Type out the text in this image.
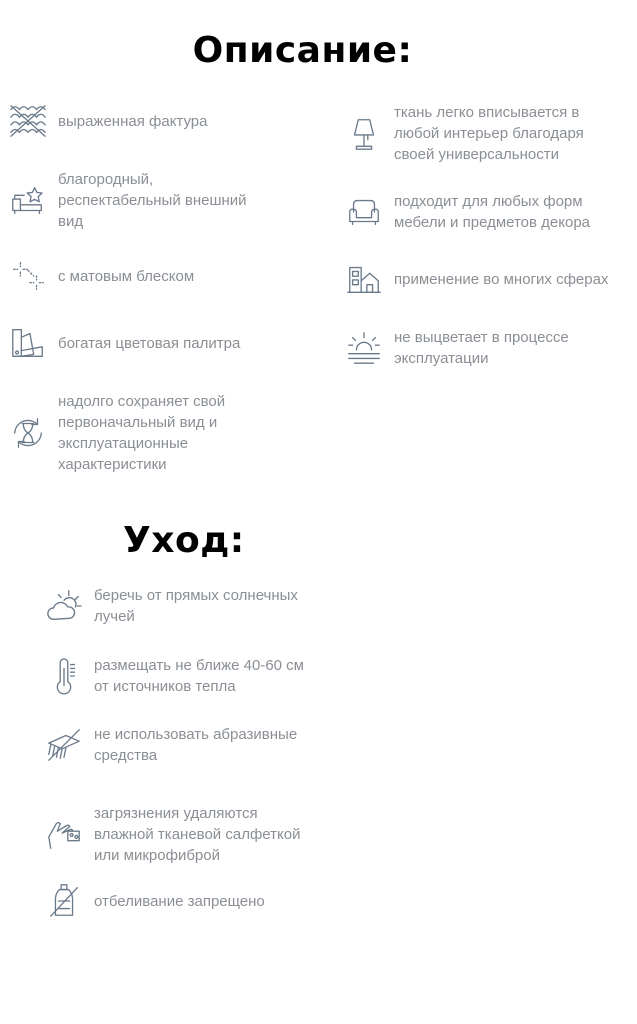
Описание:
выраженная фактура
благородный,
респектабельный внешний
вид
с матовым блеском
богатая цветовая палитра
надолго сохраняет свой
первоначальный вид и
эксплуатационные
характеристики
ткань легко вписывается в
любой интерьер благодаря
своей универсальности
подходит для любых форм
мебели и предметов декора
применение во многих сферах
не выцветает в процессе
эксплуатации
Уход:
беречь от прямых солнечных
лучей
размещать не ближе 40-60 см
от источников тепла
не использовать абразивные
средства
загрязнения удаляются
влажной тканевой салфеткой
или микрофиброй
отбеливание запрещено
